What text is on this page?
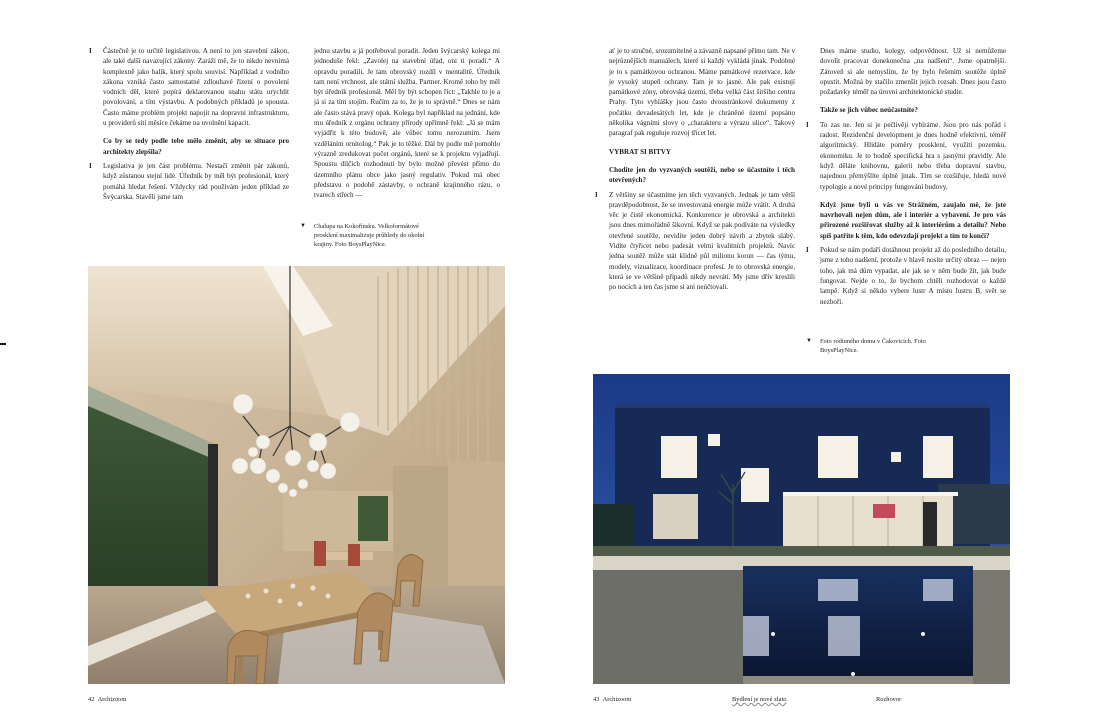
I Částečně je to určitě legislativou. A není to jen stavební zákon, ale také další navazující zákony. Zaráží mě, že to nikdo nevnímá komplexně jako balík, který spolu souvisí. Například z vodního zákona vzniká často samostatné zdlouhavé řízení o povolení vodních děl, které popírá deklarovanou snahu státu urychlit povolování, a tím výstavbu. A podobných příkladů je spousta. Často máme problém projekt napojit na dopravní infrastrukturu, u providerů sítí měsíce čekáme na uvolnění kapacit.

Co by se tedy podle tebe mělo změnit, aby se situace pro architekty zlepšila?

I Legislativa je jen část problému. Nestačí změnit pár zákonů, když zůstanou stejní lidé. Úředník by měl být profesionál, který pomáhá hledat řešení. Vždycky rád používám jeden příklad ze Švýcarska. Stavěli jsme tam

jednu stavbu a já potřeboval poradit. Jeden švýcarský kolega mi jednoduše řekl: „Zavolej na stavební úřad, oni ti poradí.“ A opravdu poradili. Je tam obrovský rozdíl v mentalitě. Úředník tam není vrchnost, ale státní služba. Partner. Kromě toho by měl být úředník profesionál. Měl by být schopen říct: „Takhle to je a já si za tím stojím. Ručím za to, že je to správně.“ Dnes se nám ale často stává pravý opak. Kolega byl například na jednání, kde mu úředník z orgánu ochrany přírody upřímně řekl: „Já se mám vyjádřit k této budově, ale vůbec tomu nerozumím. Jsem vzděláním ornitolog.“ Pak je to těžké. Dál by podle mě pomohlo výrazně zredukovat počet orgánů, které se k projektu vyjadřují. Spoustu dílčích rozhodnutí by bylo možné převést přímo do územního plánu obce jako jasný regulativ. Pokud má obec představu o podobě zástavby, o ochraně krajinného rázu, o tvarech střech —

▼ Chalupa na Kokořínsku. Velkoformátové prosklení maximalizuje průhledy do okolní krajiny. Foto BoysPlayNice.
42 Archizoom

ať je to stručné, srozumitelné a závazně napsané přímo tam. Ne v nejrůznějších manuálech, které si každý vykládá jinak. Podobné je to s památkovou ochranou. Máme památkové rezervace, kde je vysoký stupeň ochrany. Tam je to jasné. Ale pak existují památkové zóny, obrovská území, třeba velká část širšího centra Prahy. Tyto vyhlášky jsou často dvoustránkové dokumenty z počátku devadesátých let, kde je chráněné území popsáno několika vágními slovy o „charakteru a výrazu ulice“. Takový paragraf pak reguluje rozvoj třicet let.

VYBRAT SI BITVY

Chodíte jen do vyzvaných soutěží, nebo se účastníte i těch otevřených?

I Z většiny se účastníme jen těch vyzvaných. Jednak je tam větší pravděpodobnost, že se investovaná energie může vrátit. A druhá věc je čistě ekonomická. Konkurence je obrovská a architekti jsou dnes mimořádně šikovní. Když se pak podíváte na výsledky otevřené soutěže, nevidíte jeden dobrý návrh a zbytek slabý. Vidíte čtyřicet nebo padesát velmi kvalitních projektů. Navíc jedna soutěž může stát klidně půl milionu korun — čas týmu, modely, vizualizace, koordinace profesí. Je to obrovská energie, která se ve většině případů nikdy nevrátí. My jsme dřív kreslili po nocích a ten čas jsme si ani neúčtovali.

Dnes máme studio, kolegy, odpovědnost. Už si nemůžeme dovolit pracovat donekonečna „na nadšení“. Jsme opatrnější. Zároveň si ale nemyslím, že by bylo řešením soutěže úplně opustit. Možná by stačilo zmenšit jejich rozsah. Dnes jsou často požadavky téměř na úrovni architektonické studie.

Takže se jich vůbec neúčastníte?

I To zas ne. Jen si je pečlivěji vybíráme. Jsou pro nás pořád i radost. Rezidenční development je dnes hodně efektivní, téměř algoritmický. Hlídáte poměry prosklení, využití pozemku, ekonomiku. Je to hodně specifická hra s jasnými pravidly. Ale když děláte knihovnu, galerii nebo třeba dopravní stavbu, najednou přemýšlíte úplně jinak. Tím se rozšiřuje, hledá nové typologie a nové principy fungování budovy.

Když jsme byli u vás ve Strážném, zaujalo mě, že jste navrhovali nejen dům, ale i interiér a vybavení. Je pro vás přirozené rozšiřovat služby až k interiérům a detailu? Nebo spíš patříte k těm, kdo odevzdají projekt a tím to končí?

I Pokud se nám podaří dotáhnout projekt až do posledního detailu, jsme z toho nadšení, protože v hlavě nosíte určitý obraz — nejen toho, jak má dům vypadat, ale jak se v něm bude žít, jak bude fungovat. Nejde o to, že bychom chtěli rozhodovat o každé lampě. Když si někdo vybere lustr A místo lustru B, svět se nezboří.

▼ Foto rodinného domu v Čakovicích. Foto BoysPlayNice.
43 Archizoom	Bydlení je nové zlato	Rozhovor
